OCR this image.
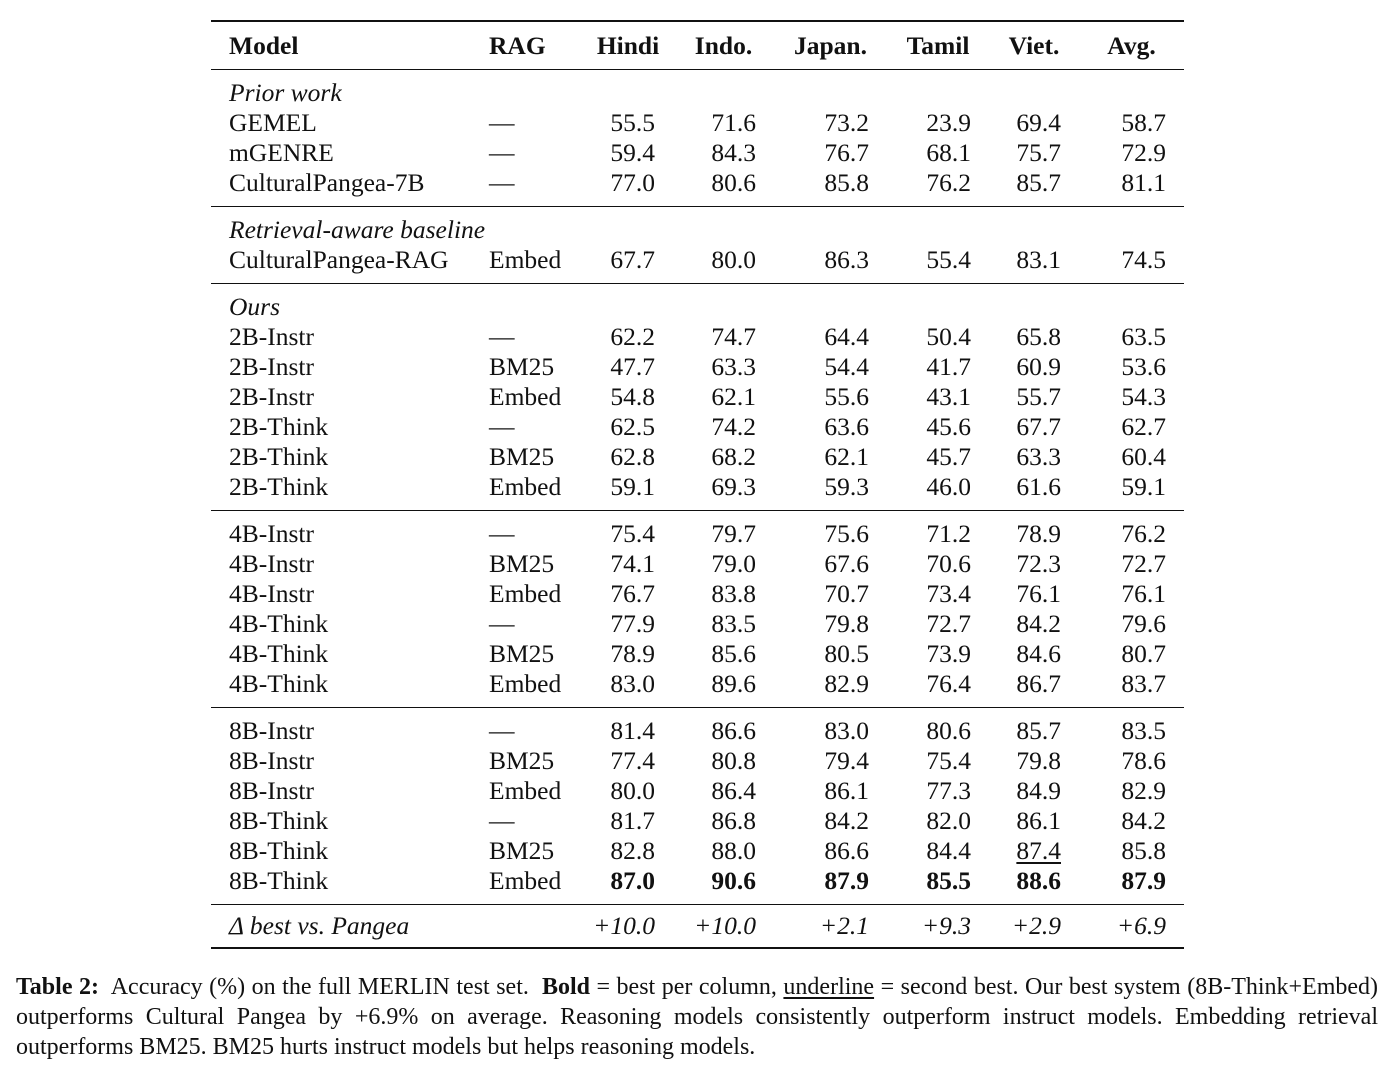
Model	RAG	Hindi	Indo.	Japan.	Tamil	Viet.	Avg.
Prior work							
GEMEL	—	55.5	71.6	73.2	23.9	69.4	58.7
mGENRE	—	59.4	84.3	76.7	68.1	75.7	72.9
CulturalPangea-7B	—	77.0	80.6	85.8	76.2	85.7	81.1
Retrieval-aware baseline							
CulturalPangea-RAG	Embed	67.7	80.0	86.3	55.4	83.1	74.5
Ours							
2B-Instr	—	62.2	74.7	64.4	50.4	65.8	63.5
2B-Instr	BM25	47.7	63.3	54.4	41.7	60.9	53.6
2B-Instr	Embed	54.8	62.1	55.6	43.1	55.7	54.3
2B-Think	—	62.5	74.2	63.6	45.6	67.7	62.7
2B-Think	BM25	62.8	68.2	62.1	45.7	63.3	60.4
2B-Think	Embed	59.1	69.3	59.3	46.0	61.6	59.1
4B-Instr	—	75.4	79.7	75.6	71.2	78.9	76.2
4B-Instr	BM25	74.1	79.0	67.6	70.6	72.3	72.7
4B-Instr	Embed	76.7	83.8	70.7	73.4	76.1	76.1
4B-Think	—	77.9	83.5	79.8	72.7	84.2	79.6
4B-Think	BM25	78.9	85.6	80.5	73.9	84.6	80.7
4B-Think	Embed	83.0	89.6	82.9	76.4	86.7	83.7
8B-Instr	—	81.4	86.6	83.0	80.6	85.7	83.5
8B-Instr	BM25	77.4	80.8	79.4	75.4	79.8	78.6
8B-Instr	Embed	80.0	86.4	86.1	77.3	84.9	82.9
8B-Think	—	81.7	86.8	84.2	82.0	86.1	84.2
8B-Think	BM25	82.8	88.0	86.6	84.4	87.4	85.8
8B-Think	Embed	87.0	90.6	87.9	85.5	88.6	87.9
Δ best vs. Pangea		+10.0	+10.0	+2.1	+9.3	+2.9	+6.9
Table 2: Accuracy (%) on the full MERLIN test set. Bold = best per column, underline = second best. Our best system (8B-Think+Embed) outperforms Cultural Pangea by +6.9% on average. Reasoning models consistently outperform instruct models. Embedding retrieval outperforms BM25. BM25 hurts instruct models but helps reasoning models.
